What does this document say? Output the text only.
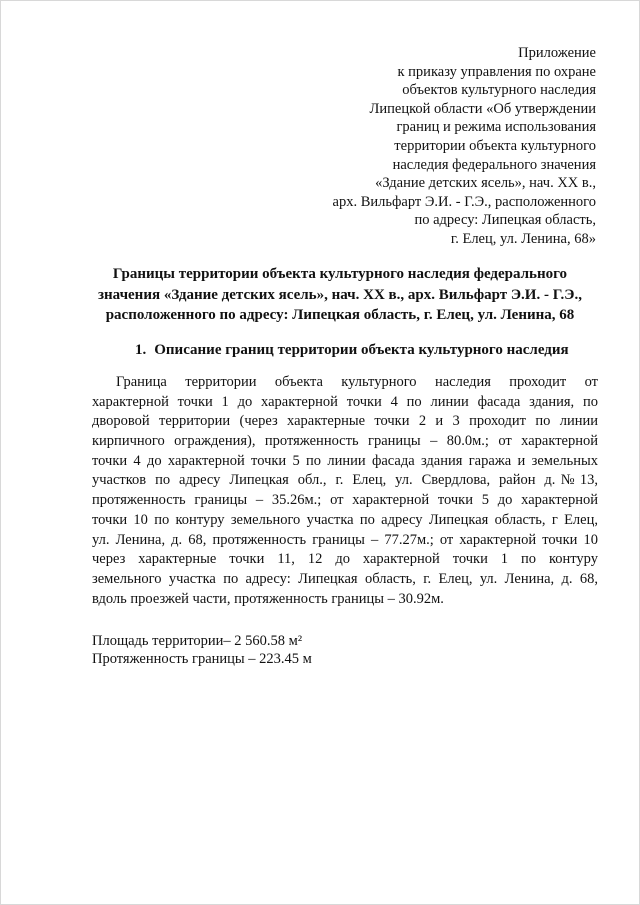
Приложение
к приказу управления по охране
объектов культурного наследия
Липецкой области «Об утверждении
границ и режима использования
территории объекта культурного
наследия федерального значения
«Здание детских ясель», нач. XX в.,
арх. Вильфарт Э.И. - Г.Э., расположенного
по адресу: Липецкая область,
г. Елец, ул. Ленина, 68»
Границы территории объекта культурного наследия федерального
значения «Здание детских ясель», нач. XX в., арх. Вильфарт Э.И. - Г.Э.,
расположенного по адресу: Липецкая область, г. Елец, ул. Ленина, 68
1. Описание границ территории объекта культурного наследия
Граница территории объекта культурного наследия проходит от
характерной точки 1 до характерной точки 4 по линии фасада здания, по
дворовой территории (через характерные точки 2 и 3 проходит по линии
кирпичного ограждения), протяженность границы – 80.0м.; от характерной
точки 4 до характерной точки 5 по линии фасада здания гаража и земельных
участков по адресу Липецкая обл., г. Елец, ул. Свердлова, район д.№13,
протяженность границы – 35.26м.; от характерной точки 5 до характерной
точки 10 по контуру земельного участка по адресу Липецкая область, г Елец,
ул. Ленина, д. 68, протяженность границы – 77.27м.; от характерной точки 10
через характерные точки 11, 12 до характерной точки 1 по контуру
земельного участка по адресу: Липецкая область, г. Елец, ул. Ленина, д. 68,
вдоль проезжей части, протяженность границы – 30.92м.
Площадь территории– 2 560.58 м²
Протяженность границы – 223.45 м
